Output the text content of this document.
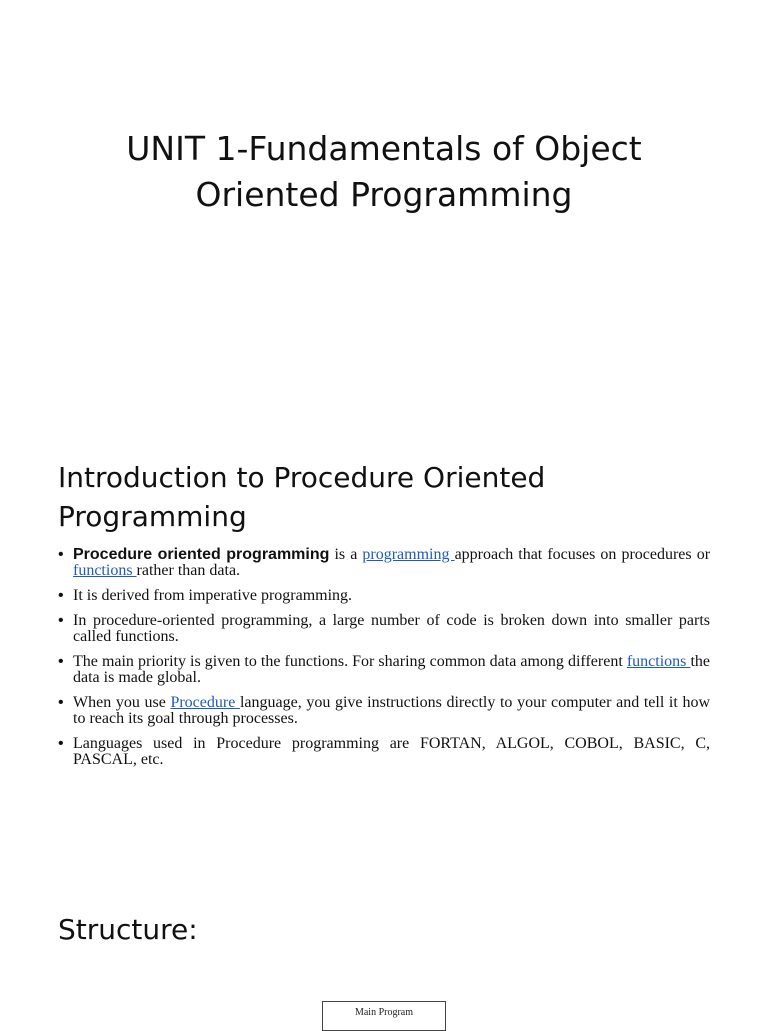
UNIT 1-Fundamentals of Object
Oriented Programming
Introduction to Procedure Oriented
Programming
• Procedure oriented programming is a programming approach that focuses on procedures or functions rather than data.
• It is derived from imperative programming.
• In procedure-oriented programming, a large number of code is broken down into smaller parts called functions.
• The main priority is given to the functions. For sharing common data among different functions the data is made global.
• When you use Procedure language, you give instructions directly to your computer and tell it how to reach its goal through processes.
• Languages used in Procedure programming are FORTAN, ALGOL, COBOL, BASIC, C, PASCAL, etc.
Structure:
Main Program
